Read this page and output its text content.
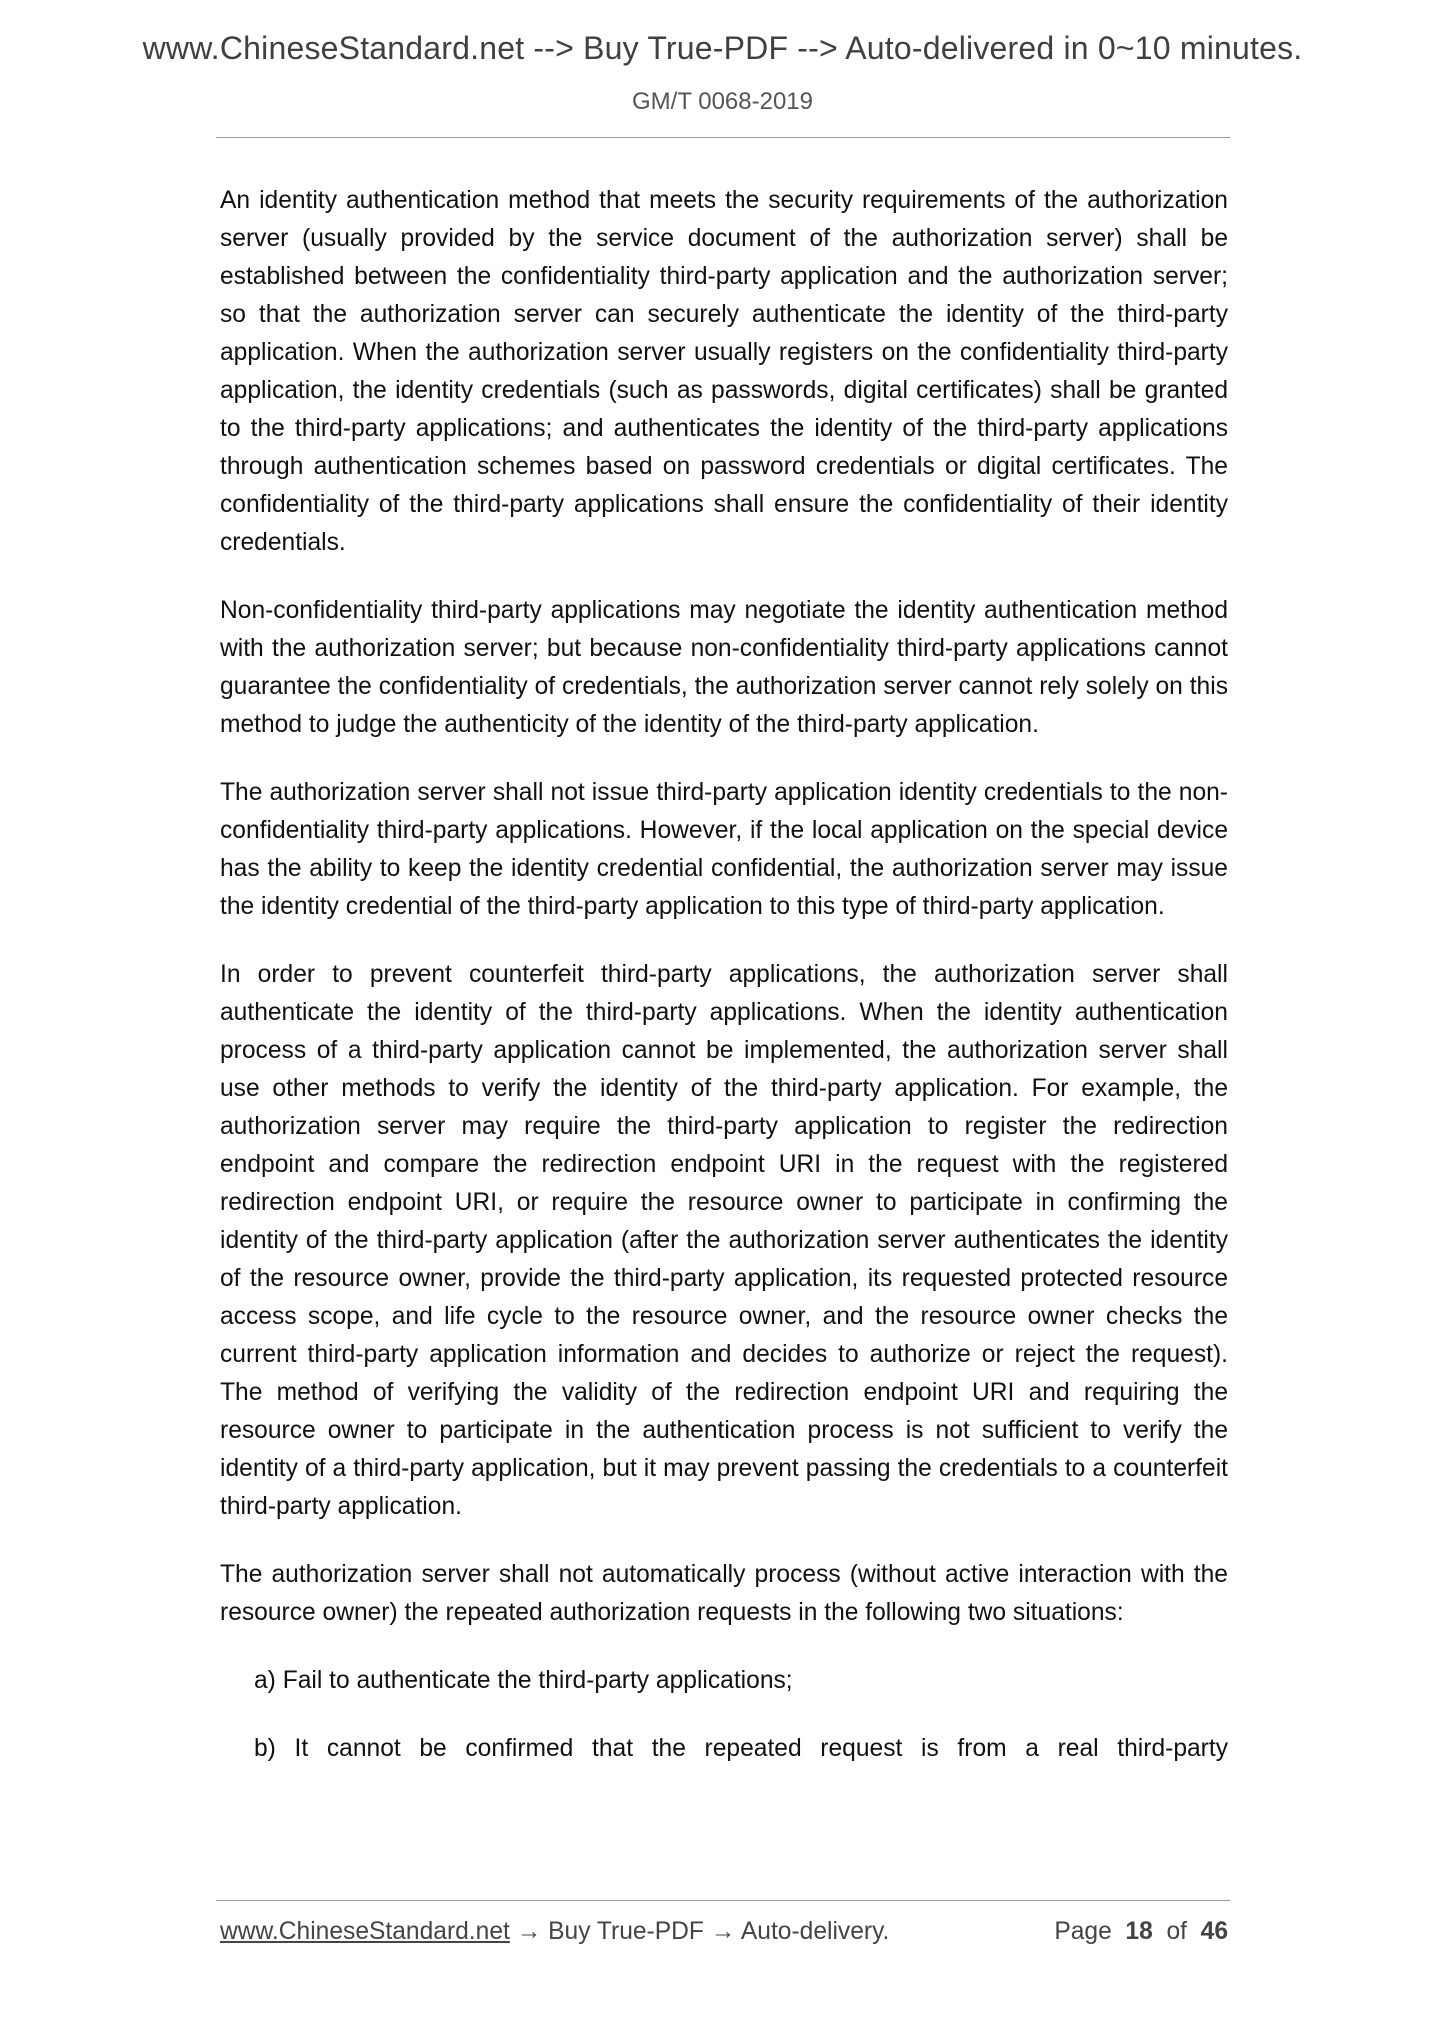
www.ChineseStandard.net --> Buy True-PDF --> Auto-delivered in 0~10 minutes.
GM/T 0068-2019

An identity authentication method that meets the security requirements of the authorization server (usually provided by the service document of the authorization server) shall be established between the confidentiality third-party application and the authorization server; so that the authorization server can securely authenticate the identity of the third-party application. When the authorization server usually registers on the confidentiality third-party application, the identity credentials (such as passwords, digital certificates) shall be granted to the third-party applications; and authenticates the identity of the third-party applications through authentication schemes based on password credentials or digital certificates. The confidentiality of the third-party applications shall ensure the confidentiality of their identity credentials.

Non-confidentiality third-party applications may negotiate the identity authentication method with the authorization server; but because non-confidentiality third-party applications cannot guarantee the confidentiality of credentials, the authorization server cannot rely solely on this method to judge the authenticity of the identity of the third-party application.

The authorization server shall not issue third-party application identity credentials to the non-confidentiality third-party applications. However, if the local application on the special device has the ability to keep the identity credential confidential, the authorization server may issue the identity credential of the third-party application to this type of third-party application.

In order to prevent counterfeit third-party applications, the authorization server shall authenticate the identity of the third-party applications. When the identity authentication process of a third-party application cannot be implemented, the authorization server shall use other methods to verify the identity of the third-party application. For example, the authorization server may require the third-party application to register the redirection endpoint and compare the redirection endpoint URI in the request with the registered redirection endpoint URI, or require the resource owner to participate in confirming the identity of the third-party application (after the authorization server authenticates the identity of the resource owner, provide the third-party application, its requested protected resource access scope, and life cycle to the resource owner, and the resource owner checks the current third-party application information and decides to authorize or reject the request). The method of verifying the validity of the redirection endpoint URI and requiring the resource owner to participate in the authentication process is not sufficient to verify the identity of a third-party application, but it may prevent passing the credentials to a counterfeit third-party application.

The authorization server shall not automatically process (without active interaction with the resource owner) the repeated authorization requests in the following two situations:

a) Fail to authenticate the third-party applications;
b) It cannot be confirmed that the repeated request is from a real third-party
www.ChineseStandard.net → Buy True-PDF → Auto-delivery.	Page 18 of 46
